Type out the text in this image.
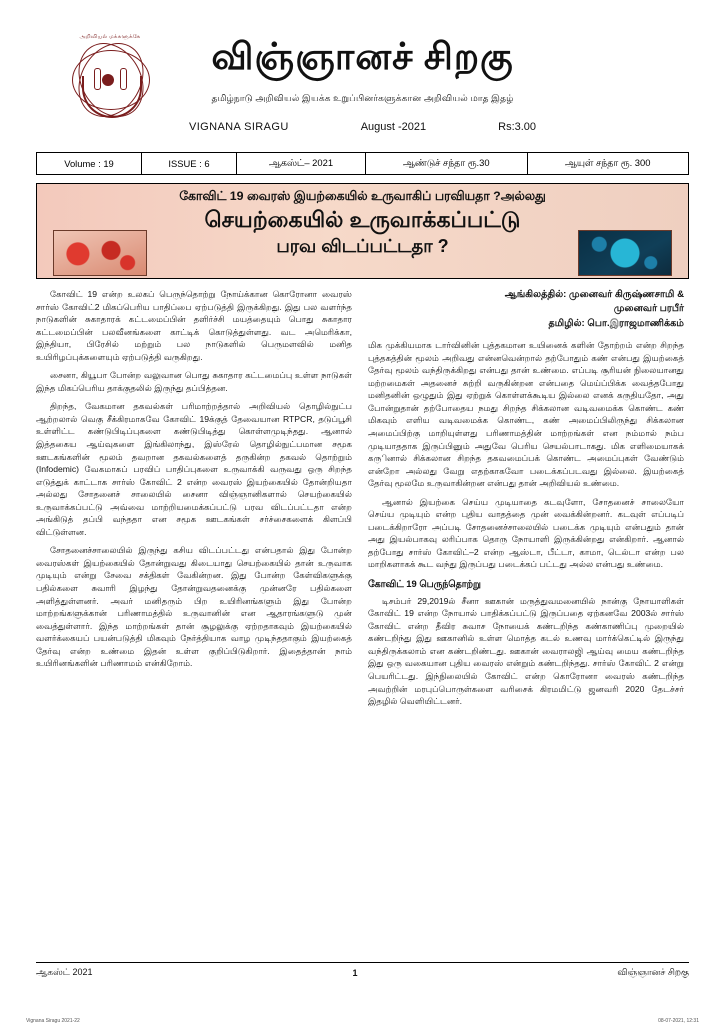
அறிவியல் மக்களுக்கே	விஞ்ஞானச் சிறகு
தமிழ்நாடு அறிவியல் இயக்க உறுப்பினர்களுக்கான அறிவியல் மாத இதழ்
VIGNANA SIRAGU	August -2021	Rs:3.00
Volume : 19	ISSUE : 6	ஆகஸ்ட்– 2021	ஆண்டுச் சந்தா ரூ.30	ஆயுள் சந்தா ரூ. 300
கோவிட் 19 வைரஸ் இயற்கையில் உருவாகிப் பரவியதா ?அல்லது
செயற்கையில் உருவாக்கப்பட்டு
பரவ விடப்பட்டதா ?

கோவிட் 19 என்ற உலகப் பெருந்தொற்று நோய்க்கான கொரோனா வைரஸ் சார்ஸ் கோவிட்2 மிகப்பெரிய பாதிப்பை ஏற்படுத்தி இருக்கிறது. இது பல வளர்ந்த நாடுகளின் சுகாதாரக் கட்டமைப்பின் தளிர்ச்சி மயத்தையும் பொது சுகாதார கட்டமைப்பின் பலவீனங்களை காட்டிக் கொடுத்துள்ளது. வட அமெரிக்கா, இந்தியா, பிரேசில் மற்றும் பல நாடுகளில் பெருமளவில் மனித உயிரிழப்புக்களையும் ஏற்படுத்தி வருகிறது.

சைனா, கியூபா போன்ற வலுவான பொது சுகாதார கட்டமைப்பு உள்ள நாடுகள் இந்த மிகப்பெரிய தாக்குதலில் இருந்து தப்பித்தன.

திறந்த, வேகமான தகவல்கள் பரிமாற்றத்தால் அறிவியல் தொழில்நுட்ப ஆற்றலால் வெகு சீக்கிரமாகவே கோவிட் 19க்குத் தேவையான RTPCR, தடுப்பூசி உள்ளிட்ட கண்டுபிடிப்புகளை கண்டுபிடித்து கொள்ளமுடிந்தது. ஆனால் இத்தகைய ஆய்வுகளை இங்கிலாந்து, இஸ்ரேல் தொழில்நுட்பமான சமூக ஊடகங்களின் மூலம் தவறான தகவல்களைத் தருகின்ற தகவல் தொற்றும் (Infodemic) வேகமாகப் பரவிப் பாதிப்புகளை உருவாக்கி வருவது ஒரு சிறந்த எடுத்துக் காட்டாக சார்ஸ் கோவிட் 2 என்ற வைரஸ் இயற்கையில் தோன்றியதா அல்லது சோதனைச் சாலையில் சைனா விஞ்ஞானிகளால் செயற்கையில் உருவாக்கப்பட்டு அவ்வை மாற்றியமைக்கப்பட்டு பரவ விடப்பட்டதா என்ற அங்கிடுத் தப்பி வந்ததா என சமூக ஊடகங்கள் சர்ச்சைகளைக் கிளப்பி விட்டுள்ளன.

சோதனைச்சாலையில் இருந்து கசிய விடப்பட்டது என்பதால் இது போன்ற வைரஸ்கள் இயற்கையில் தோன்றுவது கிடையாது செயற்கையில் தான் உருவாக முடியும் என்று சேவை சக்திகள் வேகின்றன. இது போன்ற கேள்விகளுக்கு பதில்களை சுவாரி இழந்து தோன்றுவதனைக்கு முன்னரே பதில்களை அளித்துள்ளனர். அவர் மனிதரும் பிற உயிரினங்களும் இது போன்ற மாற்றங்களுக்கான் பரிணாமத்தில் உருவானின் என ஆதாரங்களுடு முன் வைத்துள்ளார். இந்த மாற்றங்கள் தான் சூழலுக்கு ஏற்றதாகவும் இயற்கையில் வளர்க்கையப் பயன்படுத்தி மிகவும் நேர்த்தியாக வாழ முடிந்ததாகும் இயற்கைத் தேர்வு என்ற உண்மை இதன் உள்ள குறிப்பிடுகிறார். இதைத்தான் நாம் உயிரினங்களின் பரிணாமம் என்கிறோம்.

ஆங்கிலத்தில்: முனைவர் கிருஷ்ணசாமி &
முனைவர் பரபீர்
தமிழில்: பொ.இராஜமாணிக்கம்

மிக முக்கியமாக டார்வினின் புத்தகமான உயினைக் களின் தோற்றம் என்ற சிறந்த புத்தகத்தின் மூலம் அறிவது என்னவென்றால் தற்போதும் கண் என்பது இயற்கைத் தேர்வு மூலம் வந்திருக்கிறது என்பது தான் உண்மை. எப்படி சூரியன் நிலையானது மற்றமைகள் அதனைச் சுற்றி வருகின்றன என்பதை மெய்ப்பிக்க வைத்தபோது மனிதனின் ஒழுதும் இது ஏற்றுக் கொள்ளக்கூடிய இல்லை எனக் கருதியதோ, அது போன்றுதான் தற்போதைய நமது சிறந்த சிக்கலான வடிவமைக்க கொண்ட கண் மிகவும் எளிய வடிவமைக்க கொண்ட, கண் அமைப்பிலிருந்து சிக்கலான அமைப்பிற்கு மாறியுள்ளது பரிணாமத்தின் மாற்றங்கள் என நம்மால் நம்ப முடியாததாக இருப்பினும் அதுவே பெரிய செயல்பாடாகது. மிக எளிமையாகக் கருினால் சிக்கலான சிறந்த தகவமைப்பக் கொண்ட அமைப்புகள் வேண்டும் என்றோ அல்லது வேறு எதற்காகவோ படைக்கப்படவது இல்லை. இயற்கைத் தேர்வு மூலமே உருவாகின்றன என்பது தான் அறிவியல் உண்மை.

ஆனால் இயற்கை செய்ய முடியாதை கடவுளோ, சோதனைச் சாலையோ செய்ய முடியும் என்ற புதிய வாதத்தை முன் வைக்கின்றனர். கடவுள் எப்படிப் படைக்கிறாரோ அப்படி சோதனைச்சாலையில் படைக்க முடியும் என்பதும் தான் அது இயல்பாகவு லரிப்பாக தொரு நோயாளி இருக்கின்றது என்கிறார். ஆனால் தற்போது சார்ஸ் கோவிட்–2 என்ற ஆஸ்டா, பீட்டா, காமா, டெல்டா என்ற பல மாறிகளாகக் கூட வந்து இருப்பது படைக்கப் பட்டது அல்ல என்பது உண்மை.

கோவிட் 19 பெருந்தொற்று

டிசம்பர் 29,2019ல் சீனா ஊகான் மருத்துவமனையில் நான்கு நோயாளிகள் கோவிட் 19 என்ற நோயால் பாதிக்கப்பட்டு இருப்பதை ஏற்கனவே 2003ல் சார்ஸ் கோவிட் என்ற தீவிர சுவாச நோயைக் கண்டறிந்த கண்காணிப்பு முறையில் கண்டறிந்து இது ஊகானில் உள்ள மொத்த கடல் உணவு மார்க்கெட்டில் இருந்து வந்திருக்கலாம் என கண்டறிண்டது. ஊகான் வைராலஜி ஆய்வு மைய கண்டறிந்த இது ஒரு வகையான புதிய வைரஸ் என்றும் கண்டறிந்தது. சார்ஸ் கோவிட் 2 என்று பெயரிட்டது. இந்நிலையில் கோவிட் என்ற கொரோனா வைரஸ் கண்டறிந்த அவற்றின் மரபுப்பொருள்களை வரிசைக் கிரமமிட்டு ஜனவரி 2020 தேடச்சர் இதழில் வெளியிட்டனர்.

ஆகஸ்ட் 2021	1	விஞ்ஞானச் சிறகு
Vignana Siragu 2021-22	08-07-2021, 12:31
